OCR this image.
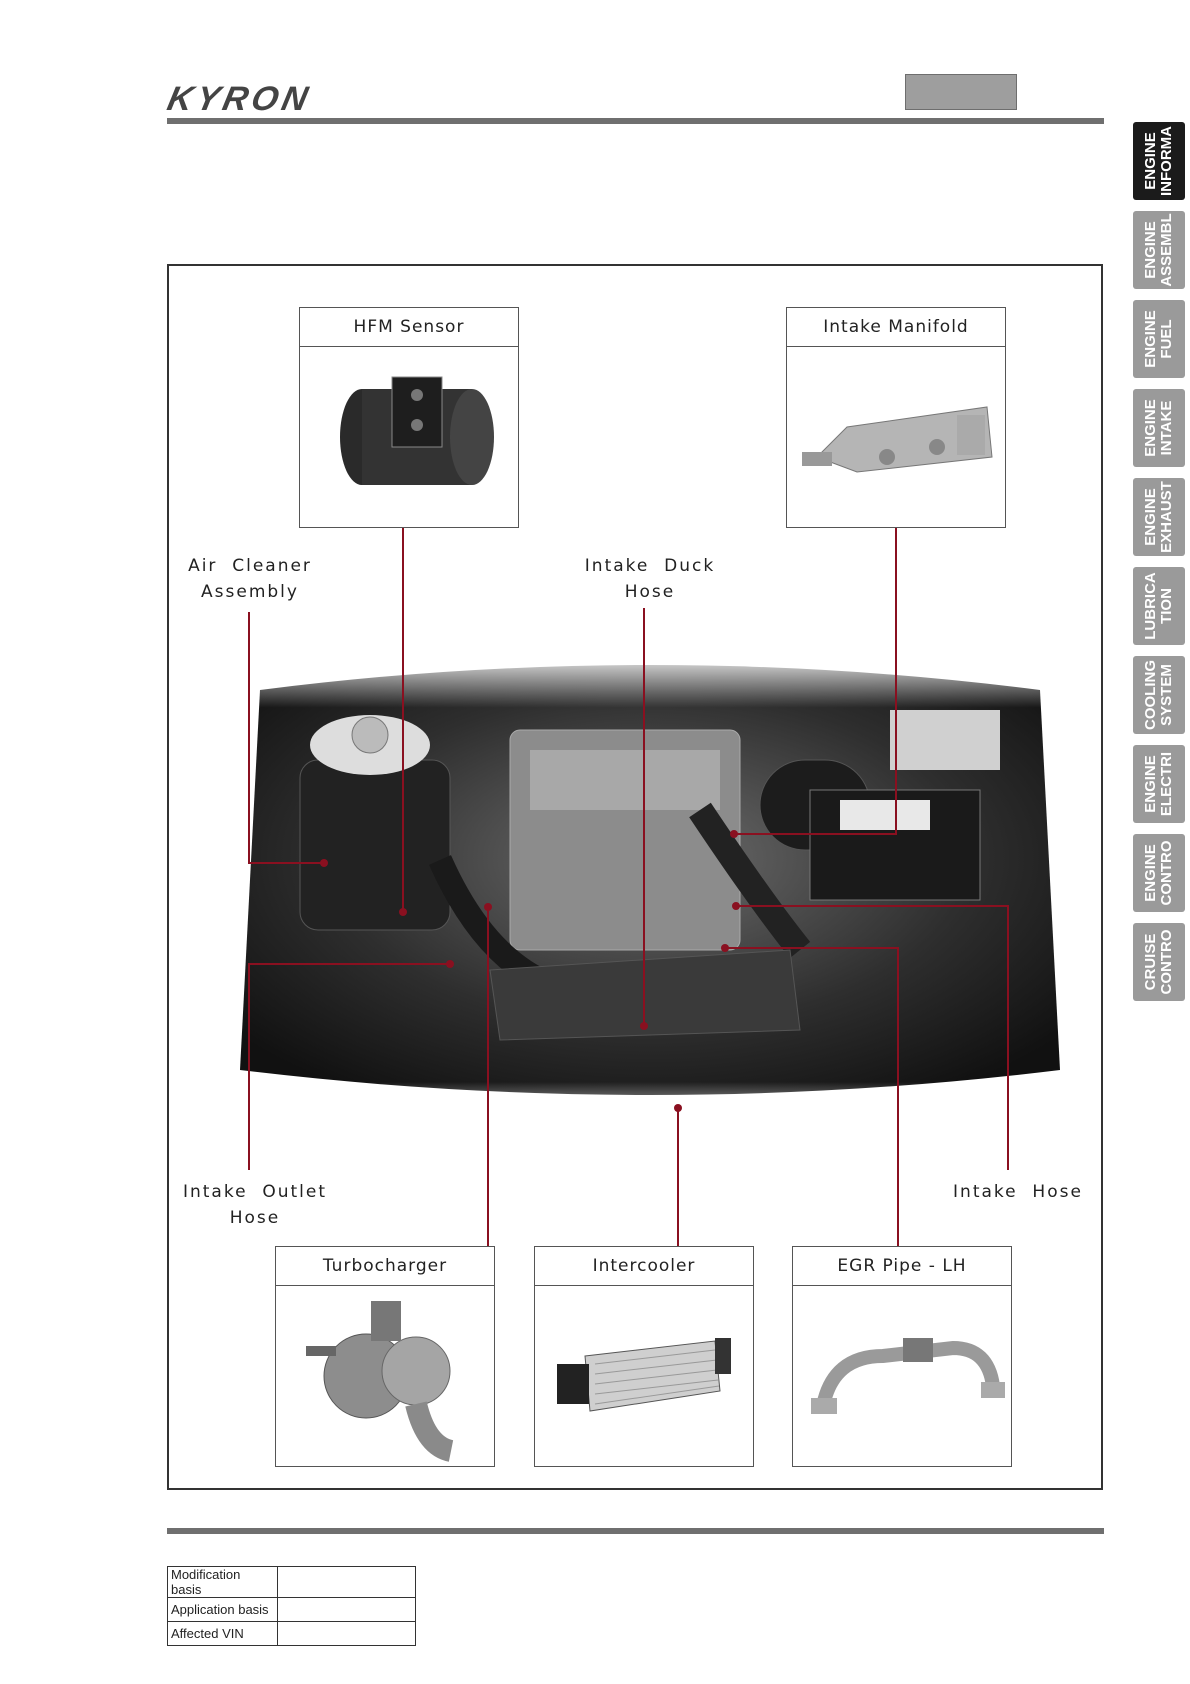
KYRON
ENGINE
INFORMA
ENGINE
ASSEMBL
ENGINE
FUEL
ENGINE
INTAKE
ENGINE
EXHAUST
LUBRICA
TION
COOLING
SYSTEM
ENGINE
ELECTRI
ENGINE
CONTRO
CRUISE
CONTRO
HFM Sensor	Intake Manifold
Turbocharger	Intercooler	EGR Pipe - LH
Air  Cleaner
Assembly
Intake  Duck
Hose
Intake  Outlet
Hose
Intake  Hose
Modification basis	
Application basis	
Affected VIN	
